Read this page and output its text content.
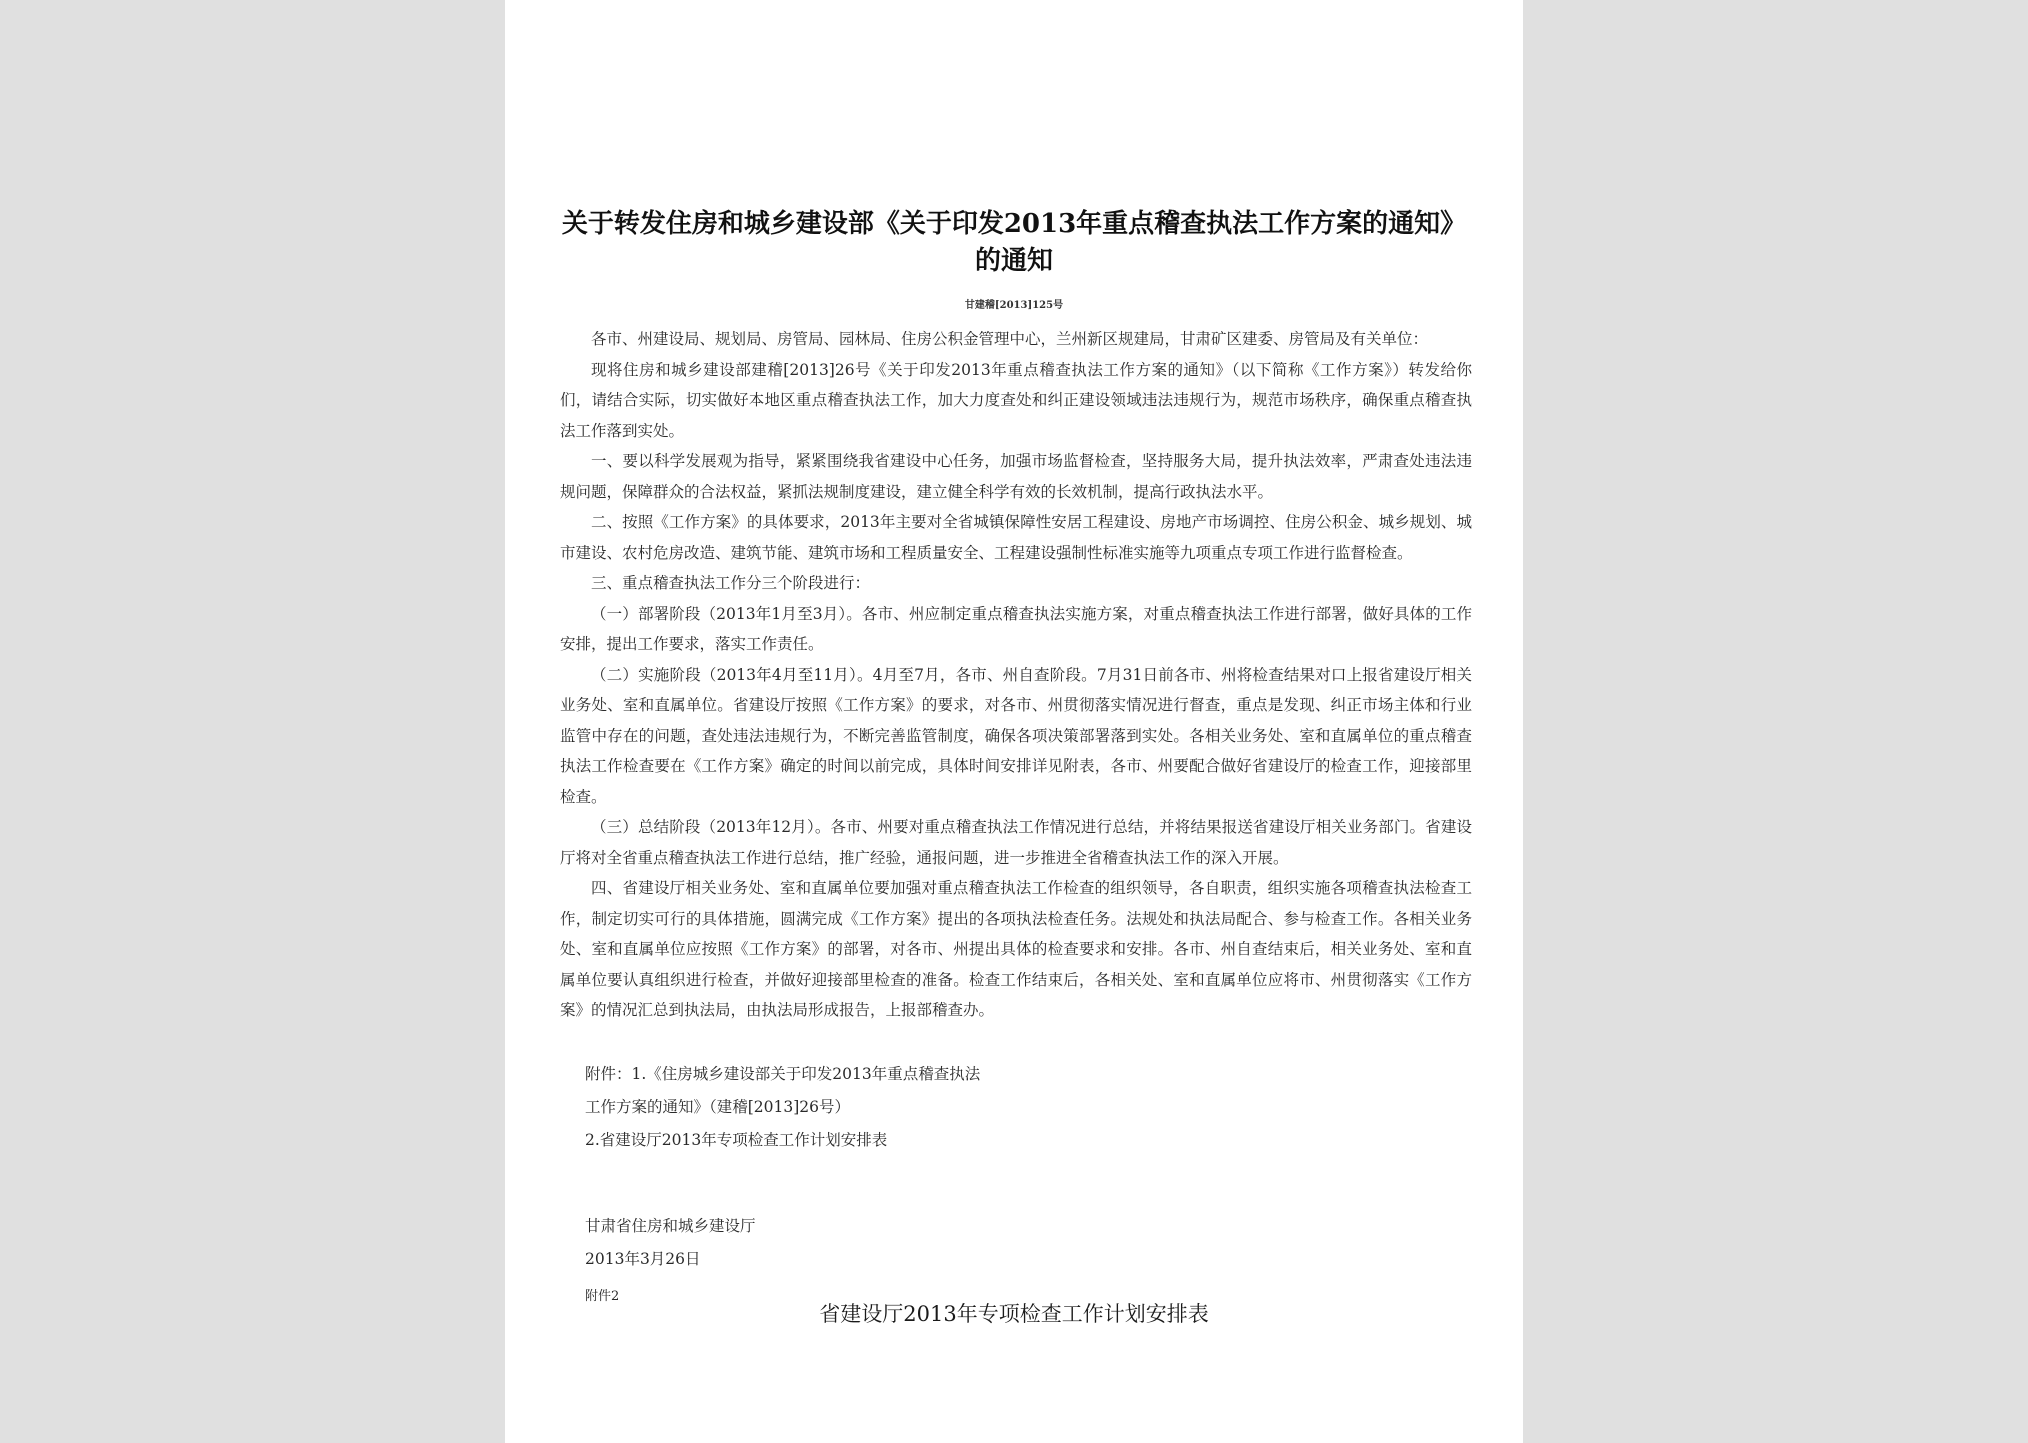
关于转发住房和城乡建设部《关于印发2013年重点稽查执法工作方案的通知》的通知
甘建稽[2013]125号

各市、州建设局、规划局、房管局、园林局、住房公积金管理中心，兰州新区规建局，甘肃矿区建委、房管局及有关单位：

现将住房和城乡建设部建稽[2013]26号《关于印发2013年重点稽查执法工作方案的通知》（以下简称《工作方案》）转发给你们，请结合实际，切实做好本地区重点稽查执法工作，加大力度查处和纠正建设领域违法违规行为，规范市场秩序，确保重点稽查执法工作落到实处。

一、要以科学发展观为指导，紧紧围绕我省建设中心任务，加强市场监督检查，坚持服务大局，提升执法效率，严肃查处违法违规问题，保障群众的合法权益，紧抓法规制度建设，建立健全科学有效的长效机制，提高行政执法水平。

二、按照《工作方案》的具体要求，2013年主要对全省城镇保障性安居工程建设、房地产市场调控、住房公积金、城乡规划、城市建设、农村危房改造、建筑节能、建筑市场和工程质量安全、工程建设强制性标准实施等九项重点专项工作进行监督检查。

三、重点稽查执法工作分三个阶段进行：

（一）部署阶段（2013年1月至3月）。各市、州应制定重点稽查执法实施方案，对重点稽查执法工作进行部署，做好具体的工作安排，提出工作要求，落实工作责任。

（二）实施阶段（2013年4月至11月）。4月至7月，各市、州自查阶段。7月31日前各市、州将检查结果对口上报省建设厅相关业务处、室和直属单位。省建设厅按照《工作方案》的要求，对各市、州贯彻落实情况进行督查，重点是发现、纠正市场主体和行业监管中存在的问题，查处违法违规行为，不断完善监管制度，确保各项决策部署落到实处。各相关业务处、室和直属单位的重点稽查执法工作检查要在《工作方案》确定的时间以前完成，具体时间安排详见附表，各市、州要配合做好省建设厅的检查工作，迎接部里检查。

（三）总结阶段（2013年12月）。各市、州要对重点稽查执法工作情况进行总结，并将结果报送省建设厅相关业务部门。省建设厅将对全省重点稽查执法工作进行总结，推广经验，通报问题，进一步推进全省稽查执法工作的深入开展。

四、省建设厅相关业务处、室和直属单位要加强对重点稽查执法工作检查的组织领导，各自职责，组织实施各项稽查执法检查工作，制定切实可行的具体措施，圆满完成《工作方案》提出的各项执法检查任务。法规处和执法局配合、参与检查工作。各相关业务处、室和直属单位应按照《工作方案》的部署，对各市、州提出具体的检查要求和安排。各市、州自查结束后，相关业务处、室和直属单位要认真组织进行检查，并做好迎接部里检查的准备。检查工作结束后，各相关处、室和直属单位应将市、州贯彻落实《工作方案》的情况汇总到执法局，由执法局形成报告，上报部稽查办。

附件：1.《住房城乡建设部关于印发2013年重点稽查执法

工作方案的通知》（建稽[2013]26号）

2.省建设厅2013年专项检查工作计划安排表

甘肃省住房和城乡建设厅

2013年3月26日

附件2

省建设厅2013年专项检查工作计划安排表
